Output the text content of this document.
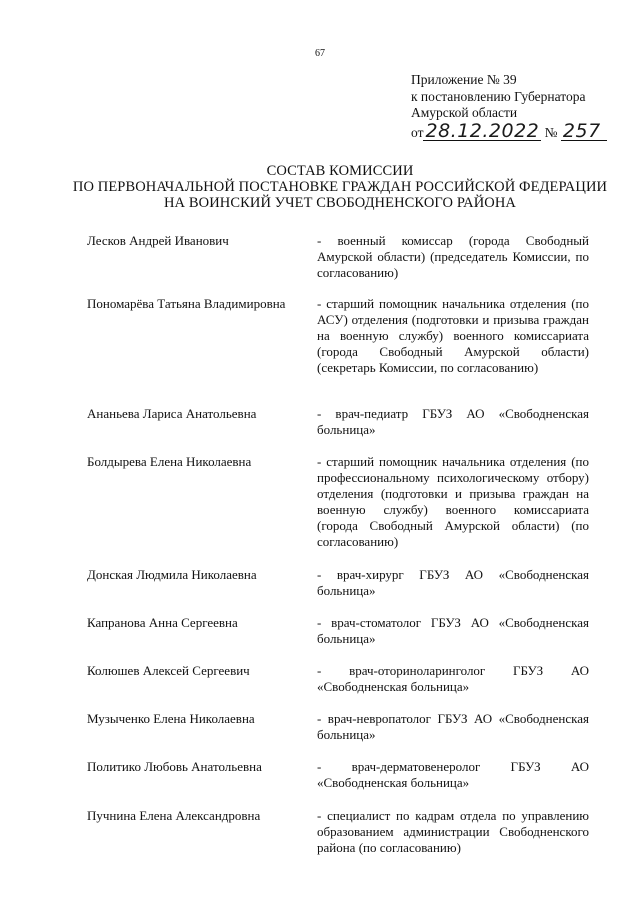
67
Приложение № 39
к постановлению Губернатора
Амурской области
от 28.12.2022 № 257
СОСТАВ КОМИССИИ
ПО ПЕРВОНАЧАЛЬНОЙ ПОСТАНОВКЕ ГРАЖДАН РОССИЙСКОЙ ФЕДЕРАЦИИ
НА ВОИНСКИЙ УЧЕТ СВОБОДНЕНСКОГО РАЙОНА
Лесков Андрей Иванович	- военный комиссар (города Свободный Амурской области) (председатель Комиссии, по согласованию)
Пономарёва Татьяна Владимировна	- старший помощник начальника отделения (по АСУ) отделения (подготовки и призыва граждан на военную службу) военного комиссариата (города Свободный Амурской области) (секретарь Комиссии, по согласованию)
Ананьева Лариса Анатольевна	- врач-педиатр ГБУЗ АО «Свободненская больница»
Болдырева Елена Николаевна	- старший помощник начальника отделения (по профессиональному психологическому отбору) отделения (подготовки и призыва граждан на военную службу) военного комиссариата (города Свободный Амурской области) (по согласованию)
Донская Людмила Николаевна	- врач-хирург ГБУЗ АО «Свободненская больница»
Капранова Анна Сергеевна	- врач-стоматолог ГБУЗ АО «Свободненская больница»
Колюшев Алексей Сергеевич	- врач-оториноларинголог ГБУЗ АО «Свободненская больница»
Музыченко Елена Николаевна	- врач-невропатолог ГБУЗ АО «Свободненская больница»
Политико Любовь Анатольевна	- врач-дерматовенеролог ГБУЗ АО «Свободненская больница»
Пучнина Елена Александровна	- специалист по кадрам отдела по управлению образованием администрации Свободненского района (по согласованию)
